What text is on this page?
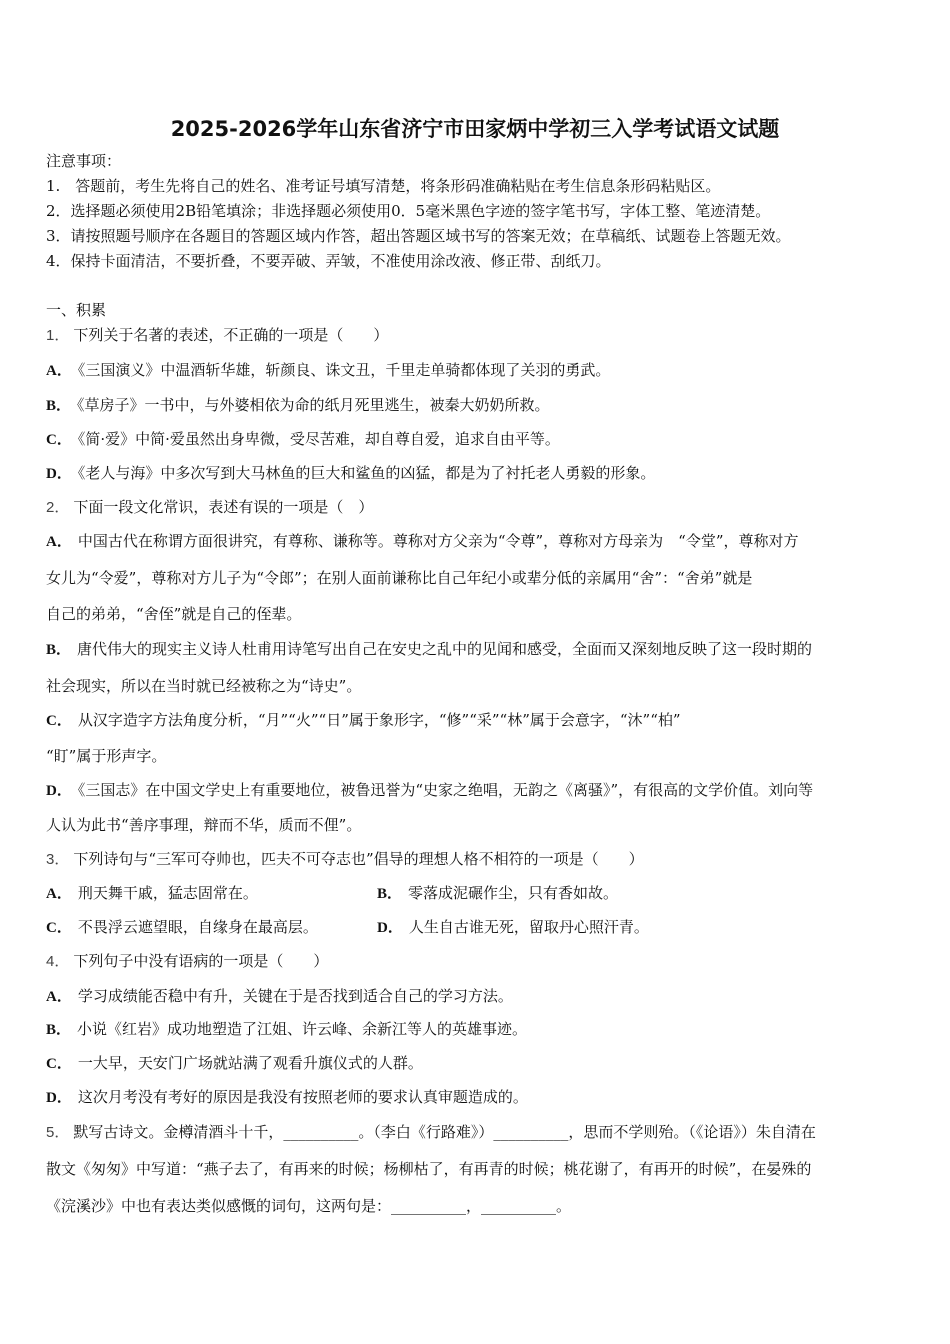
2025-2026学年山东省济宁市田家炳中学初三入学考试语文试题
注意事项：
1.　答题前，考生先将自己的姓名、准考证号填写清楚，将条形码准确粘贴在考生信息条形码粘贴区。
2．选择题必须使用2B铅笔填涂；非选择题必须使用0．5毫米黑色字迹的签字笔书写，字体工整、笔迹清楚。
3．请按照题号顺序在各题目的答题区域内作答，超出答题区域书写的答案无效；在草稿纸、试题卷上答题无效。
4．保持卡面清洁，不要折叠，不要弄破、弄皱，不准使用涂改液、修正带、刮纸刀。
一、积累
1． 下列关于名著的表述，不正确的一项是（　　）
A． 《三国演义》中温酒斩华雄，斩颜良、诛文丑，千里走单骑都体现了关羽的勇武。
B． 《草房子》一书中，与外婆相依为命的纸月死里逃生，被秦大奶奶所救。
C． 《简·爱》中简·爱虽然出身卑微，受尽苦难，却自尊自爱，追求自由平等。
D． 《老人与海》中多次写到大马林鱼的巨大和鲨鱼的凶猛，都是为了衬托老人勇毅的形象。
2． 下面一段文化常识，表述有误的一项是（　）
A． 中国古代在称谓方面很讲究，有尊称、谦称等。尊称对方父亲为“令尊”，尊称对方母亲为　“令堂”，尊称对方
女儿为“令爱”，尊称对方儿子为“令郎”；在别人面前谦称比自己年纪小或辈分低的亲属用“舍”：“舍弟”就是
自己的弟弟，“舍侄”就是自己的侄辈。
B． 唐代伟大的现实主义诗人杜甫用诗笔写出自己在安史之乱中的见闻和感受，全面而又深刻地反映了这一段时期的
社会现实，所以在当时就已经被称之为“诗史”。
C． 从汉字造字方法角度分析，“月”“火”“日”属于象形字，“修”“采”“林”属于会意字，“沐”“柏”
“盯”属于形声字。
D． 《三国志》在中国文学史上有重要地位，被鲁迅誉为“史家之绝唱，无韵之《离骚》”，有很高的文学价值。刘向等
人认为此书“善序事理，辩而不华，质而不俚”。
3． 下列诗句与“三军可夺帅也，匹夫不可夺志也”倡导的理想人格不相符的一项是（　　）
A． 刑天舞干戚，猛志固常在。	B． 零落成泥碾作尘，只有香如故。
C． 不畏浮云遮望眼，自缘身在最高层。	D． 人生自古谁无死，留取丹心照汗青。
4． 下列句子中没有语病的一项是（　　）
A． 学习成绩能否稳中有升，关键在于是否找到适合自己的学习方法。
B． 小说《红岩》成功地塑造了江姐、许云峰、余新江等人的英雄事迹。
C． 一大早，天安门广场就站满了观看升旗仪式的人群。
D． 这次月考没有考好的原因是我没有按照老师的要求认真审题造成的。
5． 默写古诗文。金樽清酒斗十千，__________。（李白《行路难》）__________，思而不学则殆。（《论语》）朱自清在
散文《匆匆》中写道：“燕子去了，有再来的时候；杨柳枯了，有再青的时候；桃花谢了，有再开的时候”，在晏殊的
《浣溪沙》中也有表达类似感慨的词句，这两句是：__________，__________。
